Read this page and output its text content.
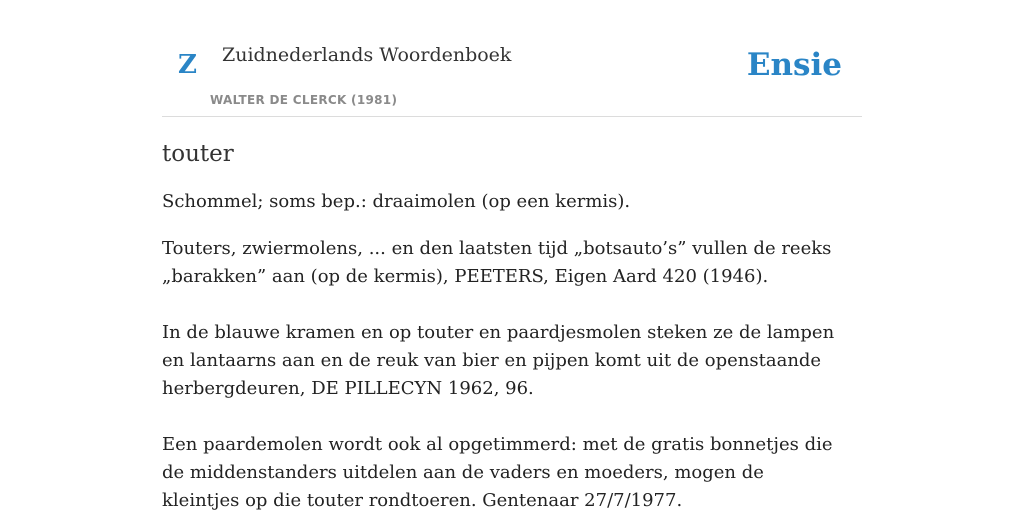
Z Zuidnederlands Woordenboek
WALTER DE CLERCK (1981)
Ensie
touter

Schommel; soms bep.: draaimolen (op een kermis).

Touters, zwiermolens, ... en den laatsten tijd „botsauto’s” vullen de reeks „barakken” aan (op de kermis), PEETERS, Eigen Aard 420 (1946).

In de blauwe kramen en op touter en paardjesmolen steken ze de lampen en lantaarns aan en de reuk van bier en pijpen komt uit de openstaande herbergdeuren, DE PILLECYN 1962, 96.

Een paardemolen wordt ook al opgetimmerd: met de gratis bonnetjes die de middenstanders uitdelen aan de vaders en moeders, mogen de kleintjes op die touter rondtoeren. Gentenaar 27/7/1977.
